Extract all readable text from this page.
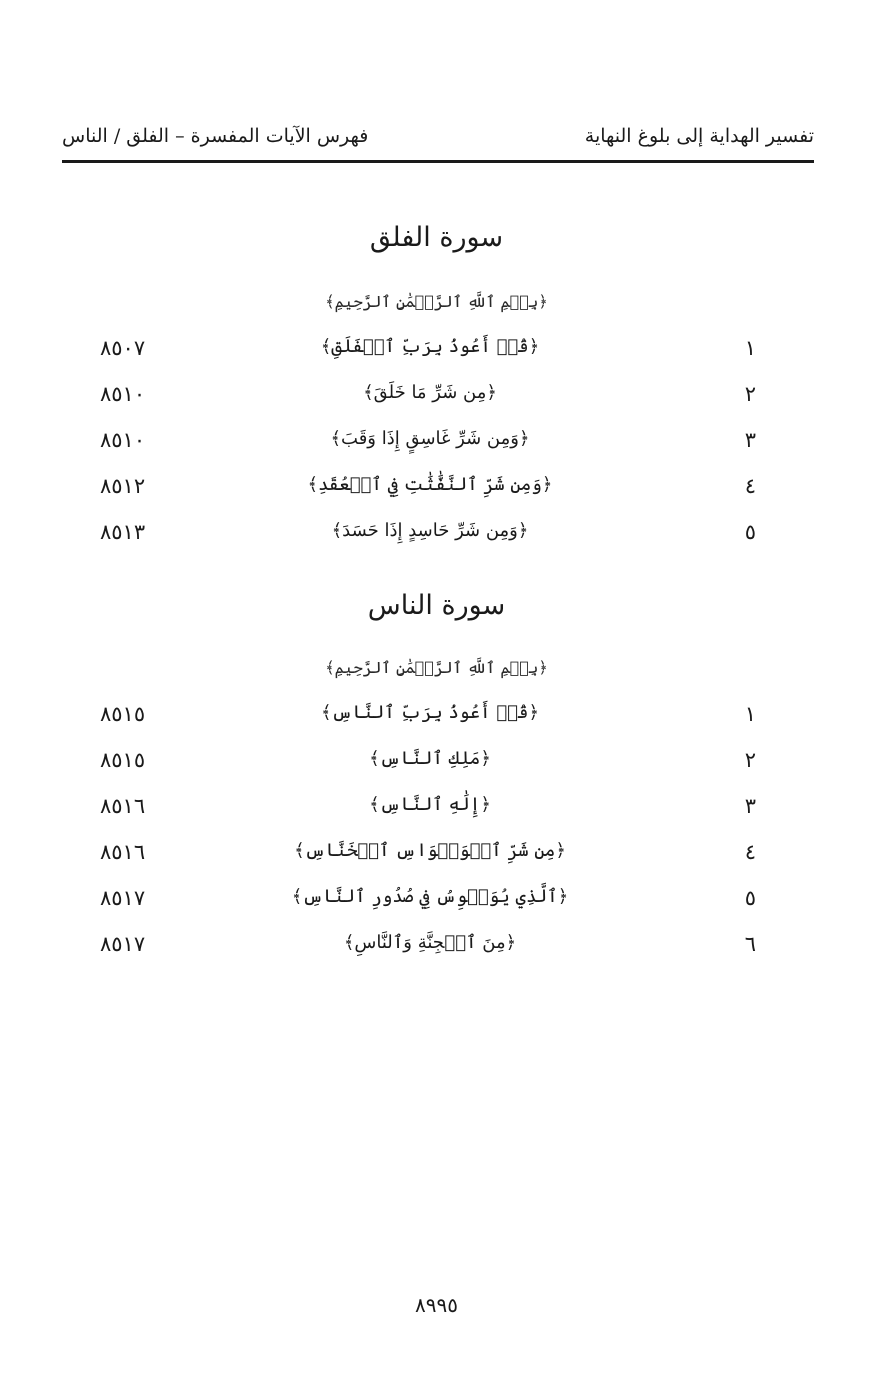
تفسير الهداية إلى بلوغ النهاية
فهرس الآيات المفسرة – الفلق / الناس
سورة الفلق
﴿بِسۡمِ ٱللَّهِ ٱلرَّحۡمَٰنِ ٱلرَّحِيمِ﴾
١
﴿قُلۡ أَعُوذُ بِرَبِّ ٱلۡفَلَقِ﴾
٨٥٠٧
٢
﴿مِن شَرِّ مَا خَلَقَ﴾
٨٥١٠
٣
﴿وَمِن شَرِّ غَاسِقٍ إِذَا وَقَبَ﴾
٨٥١٠
٤
﴿وَمِن شَرِّ ٱلنَّفَّٰثَٰتِ فِي ٱلۡعُقَدِ﴾
٨٥١٢
٥
﴿وَمِن شَرِّ حَاسِدٍ إِذَا حَسَدَ﴾
٨٥١٣
سورة الناس
﴿بِسۡمِ ٱللَّهِ ٱلرَّحۡمَٰنِ ٱلرَّحِيمِ﴾
١
﴿قُلۡ أَعُوذُ بِرَبِّ ٱلنَّاسِ﴾
٨٥١٥
٢
﴿مَلِكِ ٱلنَّاسِ﴾
٨٥١٥
٣
﴿إِلَٰهِ ٱلنَّاسِ﴾
٨٥١٦
٤
﴿مِن شَرِّ ٱلۡوَسۡوَاسِ ٱلۡخَنَّاسِ﴾
٨٥١٦
٥
﴿ٱلَّذِي يُوَسۡوِسُ فِي صُدُورِ ٱلنَّاسِ﴾
٨٥١٧
٦
﴿مِنَ ٱلۡجِنَّةِ وَٱلنَّاسِ﴾
٨٥١٧
٨٩٩٥
